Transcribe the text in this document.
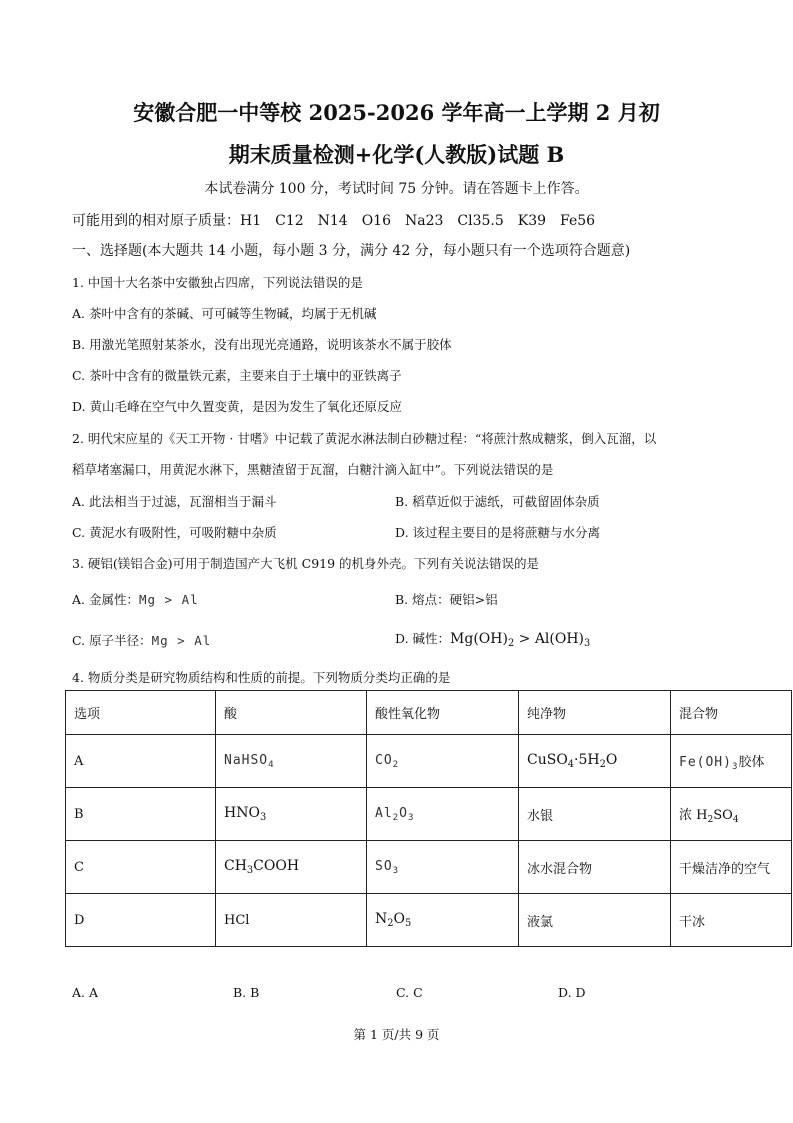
安徽合肥一中等校 2025-2026 学年高一上学期 2 月初
期末质量检测+化学(人教版)试题 B
本试卷满分 100 分，考试时间 75 分钟。请在答题卡上作答。
可能用到的相对原子质量：H1　C12　N14　O16　Na23　Cl35.5　K39　Fe56
一、选择题(本大题共 14 小题，每小题 3 分，满分 42 分，每小题只有一个选项符合题意)
1. 中国十大名茶中安徽独占四席，下列说法错误的是
A. 茶叶中含有的茶碱、可可碱等生物碱，均属于无机碱
B. 用激光笔照射某茶水，没有出现光亮通路，说明该茶水不属于胶体
C. 茶叶中含有的微量铁元素，主要来自于土壤中的亚铁离子
D. 黄山毛峰在空气中久置变黄，是因为发生了氧化还原反应
2. 明代宋应星的《天工开物 · 甘嗜》中记载了黄泥水淋法制白砂糖过程：“将蔗汁熬成糖浆，倒入瓦溜，以
稻草堵塞漏口，用黄泥水淋下，黑糖渣留于瓦溜，白糖汁滴入缸中”。下列说法错误的是
A. 此法相当于过滤，瓦溜相当于漏斗	B. 稻草近似于滤纸，可截留固体杂质
C. 黄泥水有吸附性，可吸附糖中杂质	D. 该过程主要目的是将蔗糖与水分离
3. 硬铝(镁铝合金)可用于制造国产大飞机 C919 的机身外壳。下列有关说法错误的是
A. 金属性：Mg > Al	B. 熔点：硬铝>铝
C. 原子半径：Mg > Al	D. 碱性：$Mg(OH)_2 > Al(OH)_3$
4. 物质分类是研究物质结构和性质的前提。下列物质分类均正确的是
选项	酸	酸性氧化物	纯净物	混合物
A	NaHSO$_4$	$CO_2$	$CuSO_4\cdot 5H_2O$	$Fe(OH)_3$胶体
B	$HNO_3$	$Al_2O_3$	水银	浓 $H_2SO_4$
C	$CH_3COOH$	$SO_3$	冰水混合物	干燥洁净的空气
D	HCl	$N_2O_5$	液氯	干冰
A. A	B. B	C. C	D. D
第 1 页/共 9 页
